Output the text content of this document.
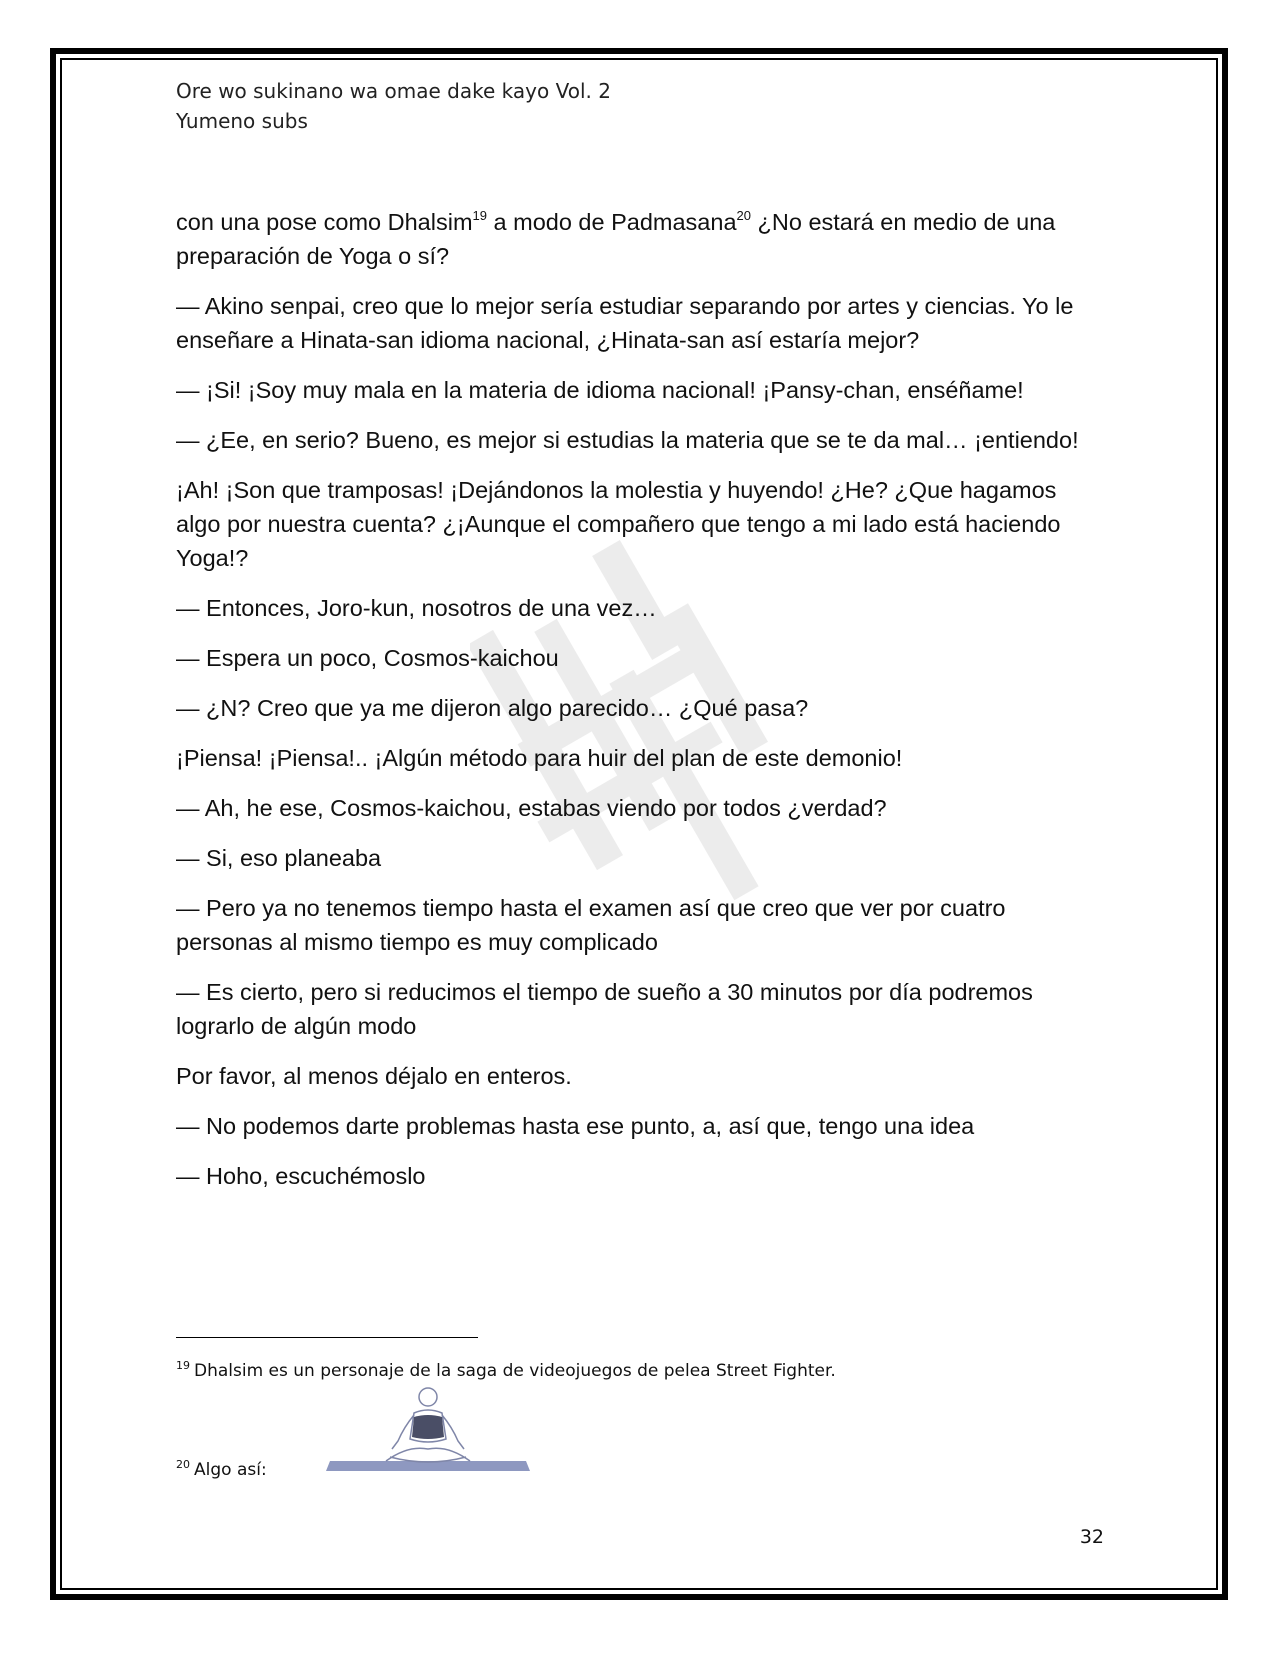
Ore wo sukinano wa omae dake kayo Vol. 2
Yumeno subs

con una pose como Dhalsim$^{19}$ a modo de Padmasana$^{20}$ ¿No estará en medio de una preparación de Yoga o sí?

— Akino senpai, creo que lo mejor sería estudiar separando por artes y ciencias. Yo le enseñare a Hinata-san idioma nacional, ¿Hinata-san así estaría mejor?

— ¡Si! ¡Soy muy mala en la materia de idioma nacional! ¡Pansy-chan, enséñame!

— ¿Ee, en serio? Bueno, es mejor si estudias la materia que se te da mal… ¡entiendo!

¡Ah! ¡Son que tramposas! ¡Dejándonos la molestia y huyendo! ¿He? ¿Que hagamos algo por nuestra cuenta? ¿¡Aunque el compañero que tengo a mi lado está haciendo Yoga!?

— Entonces, Joro-kun, nosotros de una vez…

— Espera un poco, Cosmos-kaichou

— ¿N? Creo que ya me dijeron algo parecido… ¿Qué pasa?

¡Piensa! ¡Piensa!.. ¡Algún método para huir del plan de este demonio!

— Ah, he ese, Cosmos-kaichou, estabas viendo por todos ¿verdad?

— Si, eso planeaba

— Pero ya no tenemos tiempo hasta el examen así que creo que ver por cuatro personas al mismo tiempo es muy complicado

— Es cierto, pero si reducimos el tiempo de sueño a 30 minutos por día podremos lograrlo de algún modo

Por favor, al menos déjalo en enteros.

— No podemos darte problemas hasta ese punto, a, así que, tengo una idea

— Hoho, escuchémoslo

$^{19}$ Dhalsim es un personaje de la saga de videojuegos de pelea Street Fighter.
$^{20}$ Algo así:
32
